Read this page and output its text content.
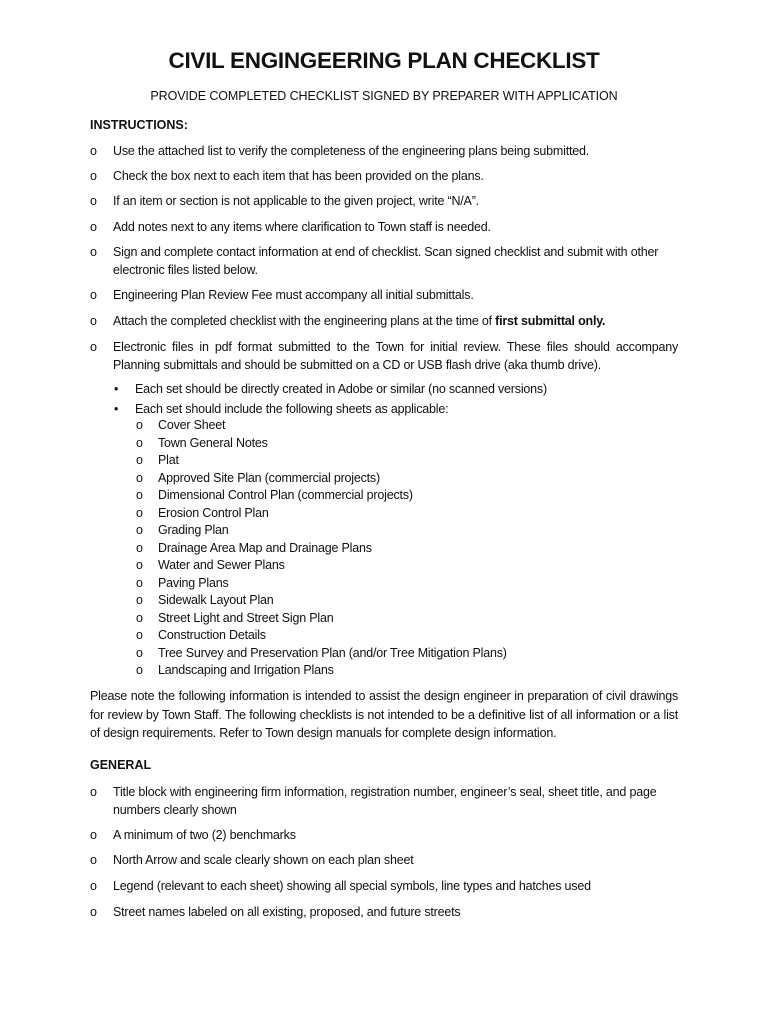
CIVIL ENGINGEERING PLAN CHECKLIST
PROVIDE COMPLETED CHECKLIST SIGNED BY PREPARER WITH APPLICATION
INSTRUCTIONS:
o	Use the attached list to verify the completeness of the engineering plans being submitted.
o	Check the box next to each item that has been provided on the plans.
o	If an item or section is not applicable to the given project, write “N/A”.
o	Add notes next to any items where clarification to Town staff is needed.
o	Sign and complete contact information at end of checklist. Scan signed checklist and submit with other electronic files listed below.
o	Engineering Plan Review Fee must accompany all initial submittals.
o	Attach the completed checklist with the engineering plans at the time of first submittal only.
o	Electronic files in pdf format submitted to the Town for initial review. These files should accompany Planning submittals and should be submitted on a CD or USB flash drive (aka thumb drive).
• Each set should be directly created in Adobe or similar (no scanned versions)
• Each set should include the following sheets as applicable:
o Cover Sheet
o Town General Notes
o Plat
o Approved Site Plan (commercial projects)
o Dimensional Control Plan (commercial projects)
o Erosion Control Plan
o Grading Plan
o Drainage Area Map and Drainage Plans
o Water and Sewer Plans
o Paving Plans
o Sidewalk Layout Plan
o Street Light and Street Sign Plan
o Construction Details
o Tree Survey and Preservation Plan (and/or Tree Mitigation Plans)
o Landscaping and Irrigation Plans
Please note the following information is intended to assist the design engineer in preparation of civil drawings for review by Town Staff. The following checklists is not intended to be a definitive list of all information or a list of design requirements. Refer to Town design manuals for complete design information.
GENERAL
o	Title block with engineering firm information, registration number, engineer’s seal, sheet title, and page numbers clearly shown
o	A minimum of two (2) benchmarks
o	North Arrow and scale clearly shown on each plan sheet
o	Legend (relevant to each sheet) showing all special symbols, line types and hatches used
o	Street names labeled on all existing, proposed, and future streets
